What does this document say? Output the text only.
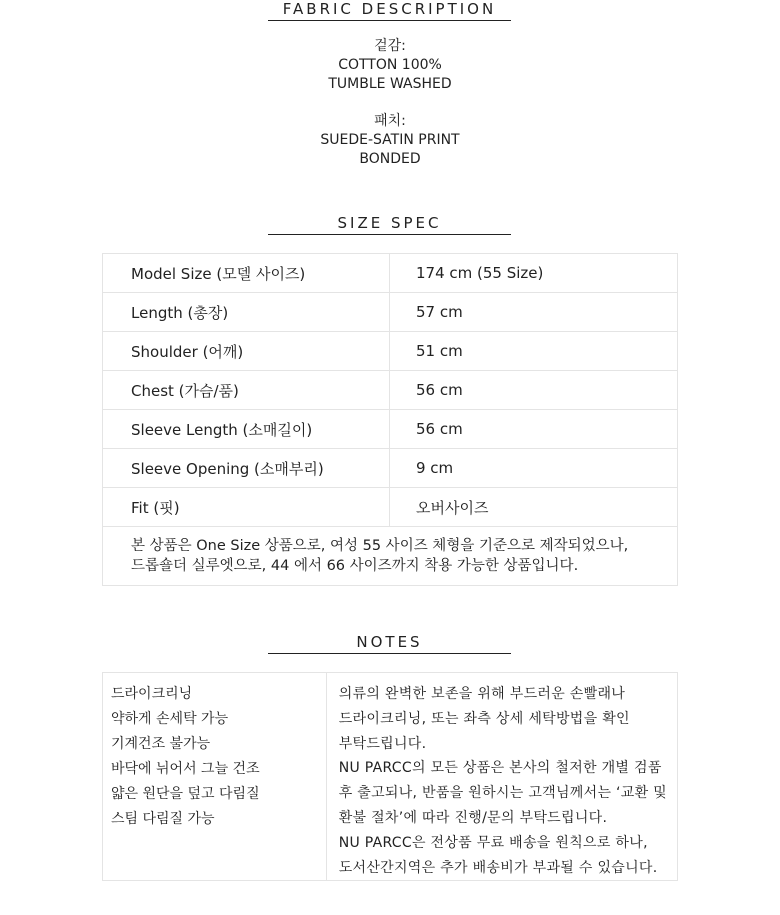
FABRIC DESCRIPTION
겉감:
COTTON 100%
TUMBLE WASHED
패치:
SUEDE-SATIN PRINT
BONDED
SIZE SPEC
Model Size (모델 사이즈)	174 cm (55 Size)
Length (총장)	57 cm
Shoulder (어깨)	51 cm
Chest (가슴/품)	56 cm
Sleeve Length (소매길이)	56 cm
Sleeve Opening (소매부리)	9 cm
Fit (핏)	오버사이즈

본 상품은 One Size 상품으로, 여성 55 사이즈 체형을 기준으로 제작되었으나,
드롭숄더 실루엣으로, 44 에서 66 사이즈까지 착용 가능한 상품입니다.	
NOTES
드라이크리닝
약하게 손세탁 가능
기계건조 불가능
바닥에 뉘어서 그늘 건조
얇은 원단을 덮고 다림질
스팀 다림질 가능

의류의 완벽한 보존을 위해 부드러운 손빨래나
드라이크리닝, 또는 좌측 상세 세탁방법을 확인
부탁드립니다.
NU PARCC의 모든 상품은 본사의 철저한 개별 검품
후 출고되나, 반품을 원하시는 고객님께서는 ‘교환 및
환불 절차’에 따라 진행/문의 부탁드립니다.
NU PARCC은 전상품 무료 배송을 원칙으로 하나,
도서산간지역은 추가 배송비가 부과될 수 있습니다.
